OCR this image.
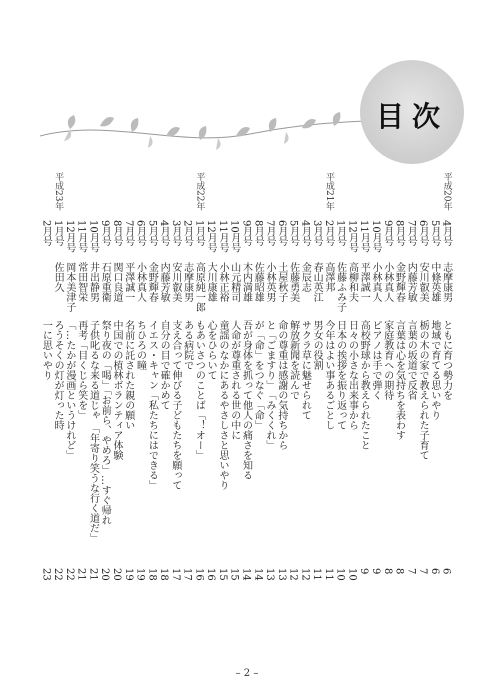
目次
平成20年
4月号
志摩康男
ともに育つ勢力を
6
5月号
中條英雄
地域で育てる思いやり
6
6月号
安川叡美
栃の木の家で教えられた子育て
7
7月号
内藤芳敏
言葉の坂道で反省
7
8月号
金野輝春
言葉は心を気持ちを表わす
8
9月号
小林真人
家庭教育への期待
8
10月号
小林真人
ピアノは手で弾く
9
11月号
平澤誠一
高校野球から教えられたこと
9
12月号
高柳和夫
日々の小さな出来事から
10
1月号
佐藤ふみ子
日本の挨拶を振り返って
10
平成21年
2月号
高澤邦
今年はよい事あるごとし
11
3月号
春山英江
男女の役割
11
4月号
金辰志
サクラ草に魅せられて
12
5月号
佐藤勇美
解放新聞を読んで
12
6月号
土屋秋子
命の尊重は感謝の気持ちから
13
7月号
小林英男
「みくくれ」と「ごますり」
13
8月号
佐藤昭雄
「命」が「命」をつなぐ
14
9月号
木内満雄
吾が身体を抓って他人の痛さを知る
14
10月号
山元精司
人命が尊重される世の中に
15
11月号
小林正裕
童謡のなかにあるやさしさと思いやり
15
12月号
大川康雄
心をひらいて
16
平成22年
1月号
高原純一郎
「オー！」もあいさつのことば
16
2月号
志摩康男
ある病院で
17
3月号
安川叡美
支え合って伸びる子どもたちを願って
17
4月号
内藤芳敏
自分の目で確かめて
18
5月号
金野輝春
イエス・キャン「私たちにはできる」
18
6月号
小林真人
ちひろの瞳
19
7月号
平澤誠一
名前に託された親の願い
19
8月号
関口良道
中国での植林ボランティア体験
20
9月号
石原重衛
祭り夜の「喝」「お前ら、やめろ」…すぐ帰れ
20
10月号
井出静男
「年寄り笑うな行く道だ」 子供叱るな来る道じゃ
21
11月号
常田智栄
「目くじら笑を」再考
21
12月号
岡本美津子
「たかが漫画というけれど…」
22
平成23年
1月号
佐田久
ろうそくの灯が灯った時
22
2月号
一に思いやり
23
– 2 –
